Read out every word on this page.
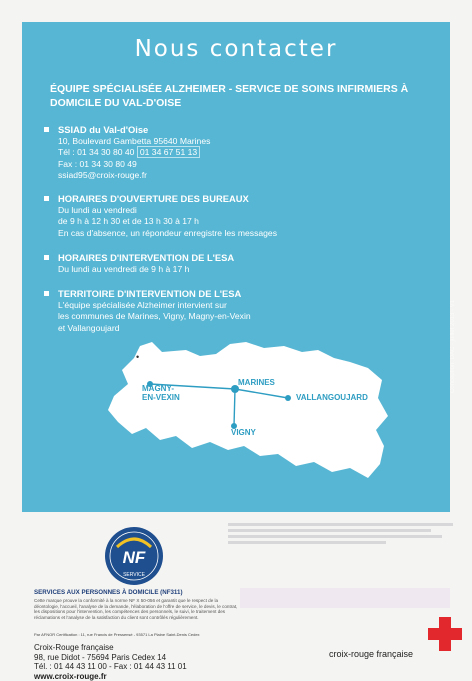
Nous contacter
ÉQUIPE SPÉCIALISÉE ALZHEIMER - SERVICE DE SOINS INFIRMIERS À DOMICILE DU VAL-D'OISE
SSIAD du Val-d'Oise
10, Boulevard Gambetta 95640 Marines
Tél : 01 34 30 80 40 01 34 67 51 13
Fax : 01 34 30 80 49
ssiad95@croix-rouge.fr
HORAIRES D'OUVERTURE DES BUREAUX
Du lundi au vendredi
de 9 h à 12 h 30 et de 13 h 30 à 17 h
En cas d'absence, un répondeur enregistre les messages
HORAIRES D'INTERVENTION DE L'ESA
Du lundi au vendredi de 9 h à 17 h
TERRITOIRE D'INTERVENTION DE L'ESA
L'équipe spécialisée Alzheimer intervient sur
les communes de Marines, Vigny, Magny-en-Vexin
et Vallangoujard
MAGNY-
EN-VEXIN
MARINES
VALLANGOUJARD
VIGNY
•	Conception: DAC - juillet 2013 - V1
NF
SERVICE
SERVICES AUX PERSONNES À DOMICILE (NF311)
Cette marque prouve la conformité à la norme NF X 50-056 et garantit que le respect de la déontologie, l'accueil, l'analyse de la demande, l'élaboration de l'offre de service, le devis, le contrat, les dispositions pour l'intervention, les compétences des personnels, le suivi, le traitement des réclamations et l'analyse de la satisfaction du client sont contrôlés régulièrement.
Par AFNOR Certification : 11, rue Francis de Pressensé - 93571 La Plaine Saint-Denis Cedex
Croix-Rouge française
98, rue Didot - 75694 Paris Cedex 14
Tél. : 01 44 43 11 00 - Fax : 01 44 43 11 01
www.croix-rouge.fr
croix-rouge française
